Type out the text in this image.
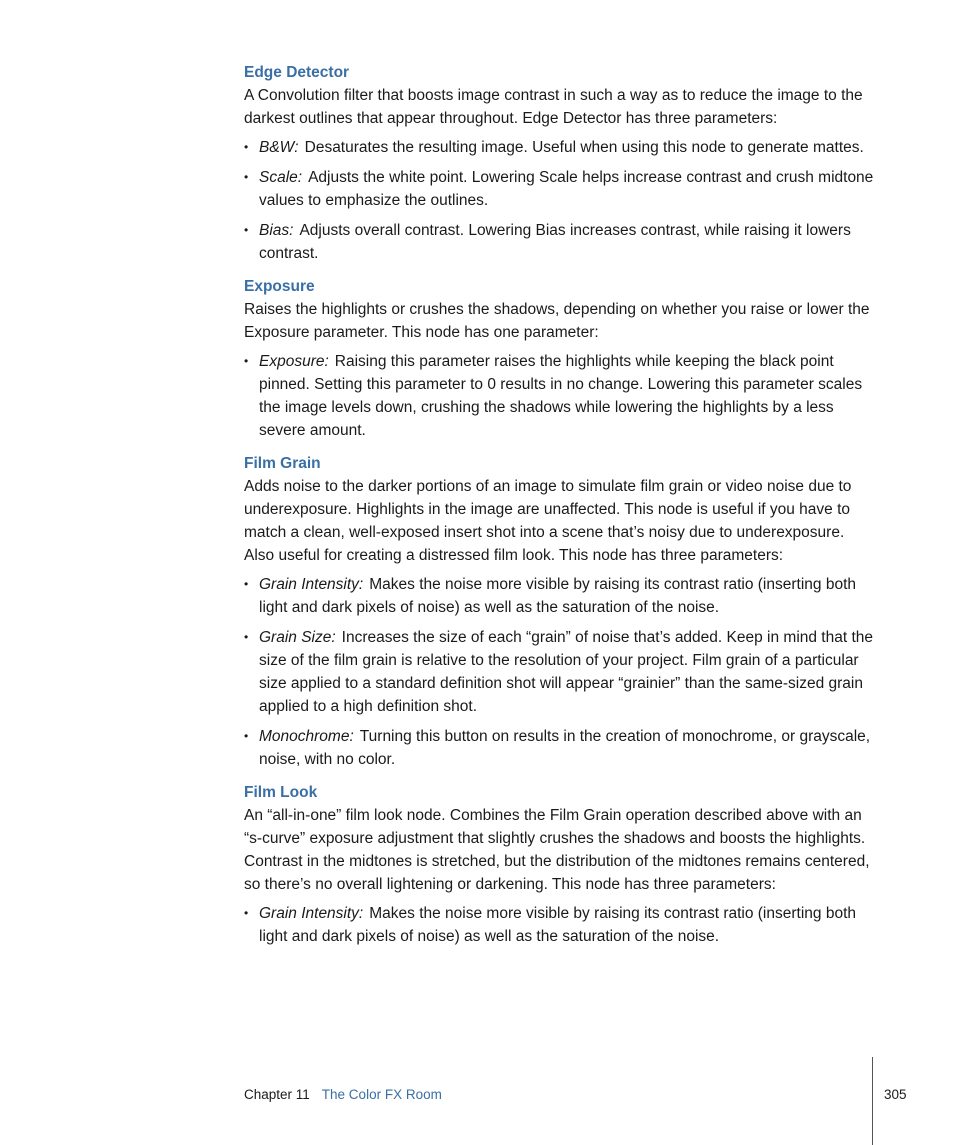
Edge Detector

A Convolution filter that boosts image contrast in such a way as to reduce the image to the darkest outlines that appear throughout. Edge Detector has three parameters:

• B&W: Desaturates the resulting image. Useful when using this node to generate mattes.
• Scale: Adjusts the white point. Lowering Scale helps increase contrast and crush midtone values to emphasize the outlines.
• Bias: Adjusts overall contrast. Lowering Bias increases contrast, while raising it lowers contrast.
Exposure

Raises the highlights or crushes the shadows, depending on whether you raise or lower the Exposure parameter. This node has one parameter:

• Exposure: Raising this parameter raises the highlights while keeping the black point pinned. Setting this parameter to 0 results in no change. Lowering this parameter scales the image levels down, crushing the shadows while lowering the highlights by a less severe amount.
Film Grain

Adds noise to the darker portions of an image to simulate film grain or video noise due to underexposure. Highlights in the image are unaffected. This node is useful if you have to match a clean, well-exposed insert shot into a scene that’s noisy due to underexposure. Also useful for creating a distressed film look. This node has three parameters:

• Grain Intensity: Makes the noise more visible by raising its contrast ratio (inserting both light and dark pixels of noise) as well as the saturation of the noise.
• Grain Size: Increases the size of each “grain” of noise that’s added. Keep in mind that the size of the film grain is relative to the resolution of your project. Film grain of a particular size applied to a standard definition shot will appear “grainier” than the same-sized grain applied to a high definition shot.
• Monochrome: Turning this button on results in the creation of monochrome, or grayscale, noise, with no color.
Film Look

An “all-in-one” film look node. Combines the Film Grain operation described above with an “s-curve” exposure adjustment that slightly crushes the shadows and boosts the highlights. Contrast in the midtones is stretched, but the distribution of the midtones remains centered, so there’s no overall lightening or darkening. This node has three parameters:

• Grain Intensity: Makes the noise more visible by raising its contrast ratio (inserting both light and dark pixels of noise) as well as the saturation of the noise.
Chapter 11 The Color FX Room	305
